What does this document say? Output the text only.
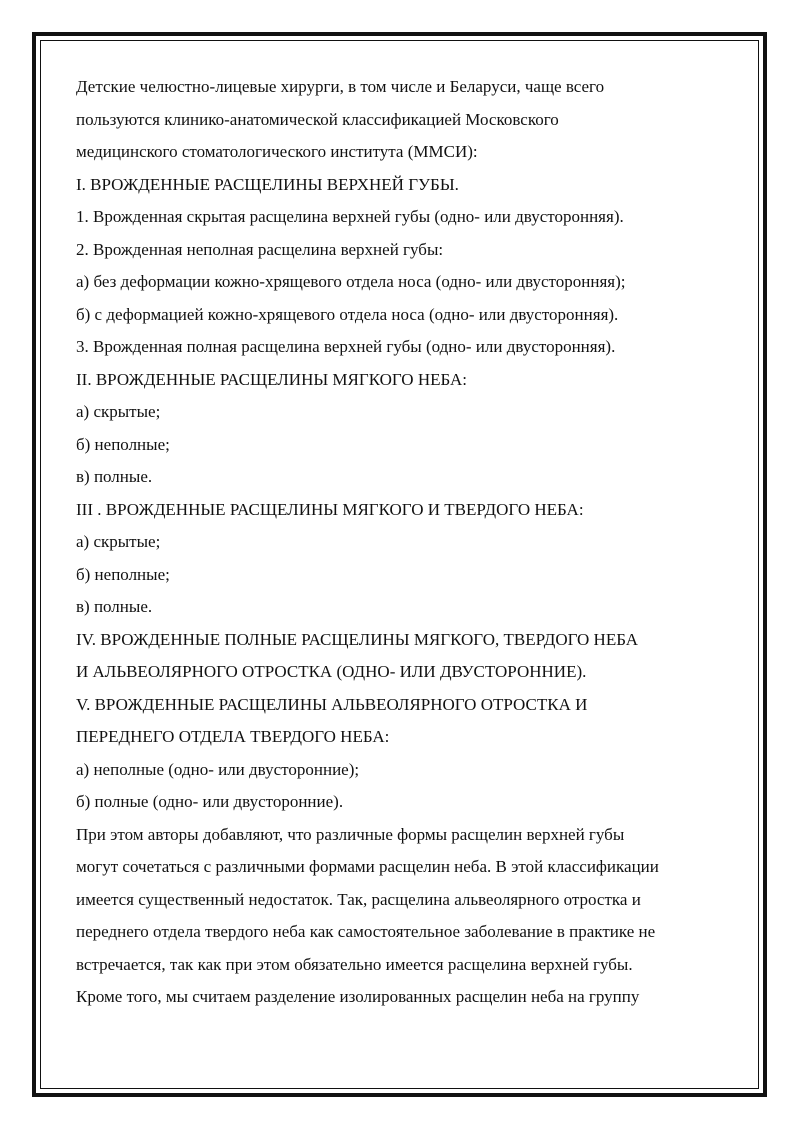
Детские челюстно-лицевые хирурги, в том числе и Беларуси, чаще всего
пользуются клинико-анатомической классификацией Московского
медицинского стоматологического института (ММСИ):
I. ВРОЖДЕННЫЕ РАСЩЕЛИНЫ ВЕРХНЕЙ ГУБЫ.
1. Врожденная скрытая расщелина верхней губы (одно- или двусторонняя).
2. Врожденная неполная расщелина верхней губы:
а) без деформации кожно-хрящевого отдела носа (одно- или двусторонняя);
б) с деформацией кожно-хрящевого отдела носа (одно- или двусторонняя).
3. Врожденная полная расщелина верхней губы (одно- или двусторонняя).
II. ВРОЖДЕННЫЕ РАСЩЕЛИНЫ МЯГКОГО НЕБА:
а) скрытые;
б) неполные;
в) полные.
III . ВРОЖДЕННЫЕ РАСЩЕЛИНЫ МЯГКОГО И ТВЕРДОГО НЕБА:
а) скрытые;
б) неполные;
в) полные.
IV. ВРОЖДЕННЫЕ ПОЛНЫЕ РАСЩЕЛИНЫ МЯГКОГО, ТВЕРДОГО НЕБА
И АЛЬВЕОЛЯРНОГО ОТРОСТКА (ОДНО- ИЛИ ДВУСТОРОННИЕ).
V. ВРОЖДЕННЫЕ РАСЩЕЛИНЫ АЛЬВЕОЛЯРНОГО ОТРОСТКА И
ПЕРЕДНЕГО ОТДЕЛА ТВЕРДОГО НЕБА:
а) неполные (одно- или двусторонние);
б) полные (одно- или двусторонние).
При этом авторы добавляют, что различные формы расщелин верхней губы
могут сочетаться с различными формами расщелин неба. В этой классификации
имеется существенный недостаток. Так, расщелина альвеолярного отростка и
переднего отдела твердого неба как самостоятельное заболевание в практике не
встречается, так как при этом обязательно имеется расщелина верхней губы.
Кроме того, мы считаем разделение изолированных расщелин неба на группу
